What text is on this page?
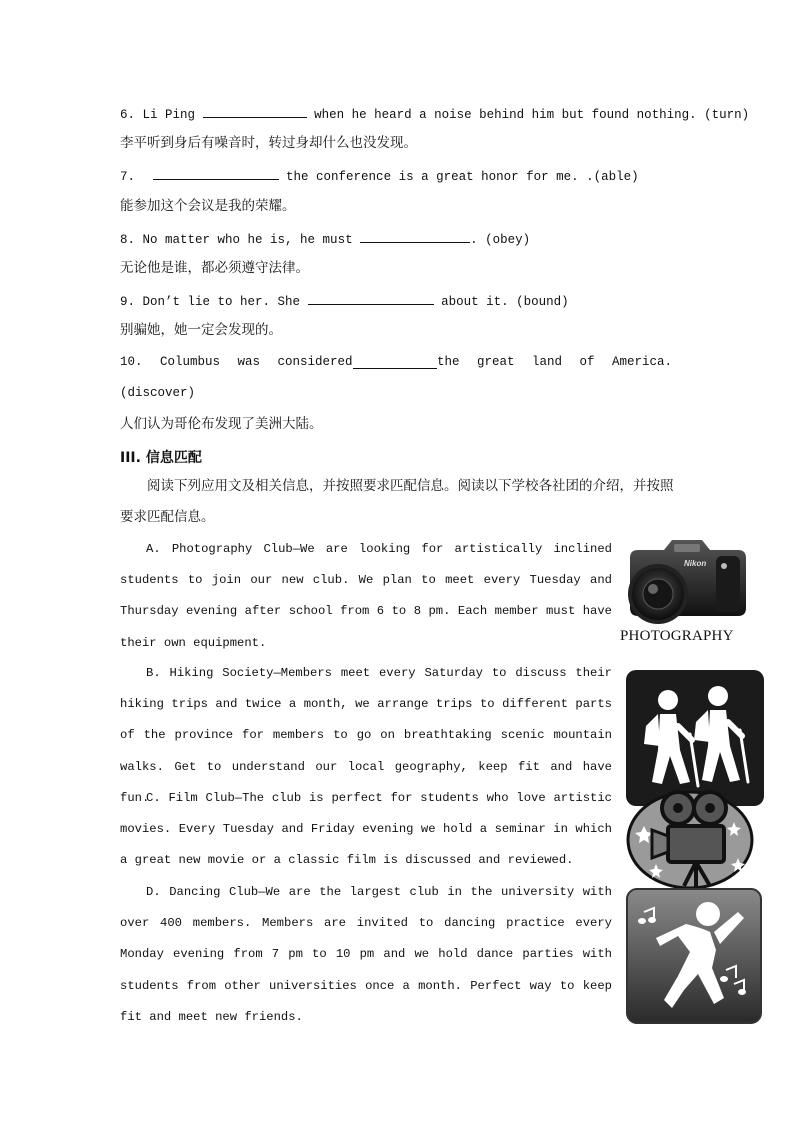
6. Li Ping	when he heard a noise behind him but found nothing. (turn)
李平听到身后有噪音时，转过身却什么也没发现。
7.	the conference is a great honor for me. .(able)
能参加这个会议是我的荣耀。
8. No matter who he is, he must	. (obey)
无论他是谁，都必须遵守法律。
9. Don’t lie to her. She	about it. (bound)
别骗她，她一定会发现的。
10. Columbus was considered	the great land of America.
(discover)
人们认为哥伦布发现了美洲大陆。
III. 信息匹配

阅读下列应用文及相关信息，并按照要求匹配信息。阅读以下学校各社团的介绍，并按照要求匹配信息。

A. Photography Club—We are looking for artistically inclined students to join our new club. We plan to meet every Tuesday and Thursday evening after school from 6 to 8 pm. Each member must have their own equipment.

B. Hiking Society—Members meet every Saturday to discuss their hiking trips and twice a month, we arrange trips to different parts of the province for members to go on breathtaking scenic mountain walks. Get to understand our local geography, keep fit and have fun.

C. Film Club—The club is perfect for students who love artistic movies. Every Tuesday and Friday evening we hold a seminar in which a great new movie or a classic film is discussed and reviewed.

D. Dancing Club—We are the largest club in the university with over 400 members. Members are invited to dancing practice every Monday evening from 7 pm to 10 pm and we hold dance parties with students from other universities once a month. Perfect way to keep fit and meet new friends.

Nikon
PHOTOGRAPHY
